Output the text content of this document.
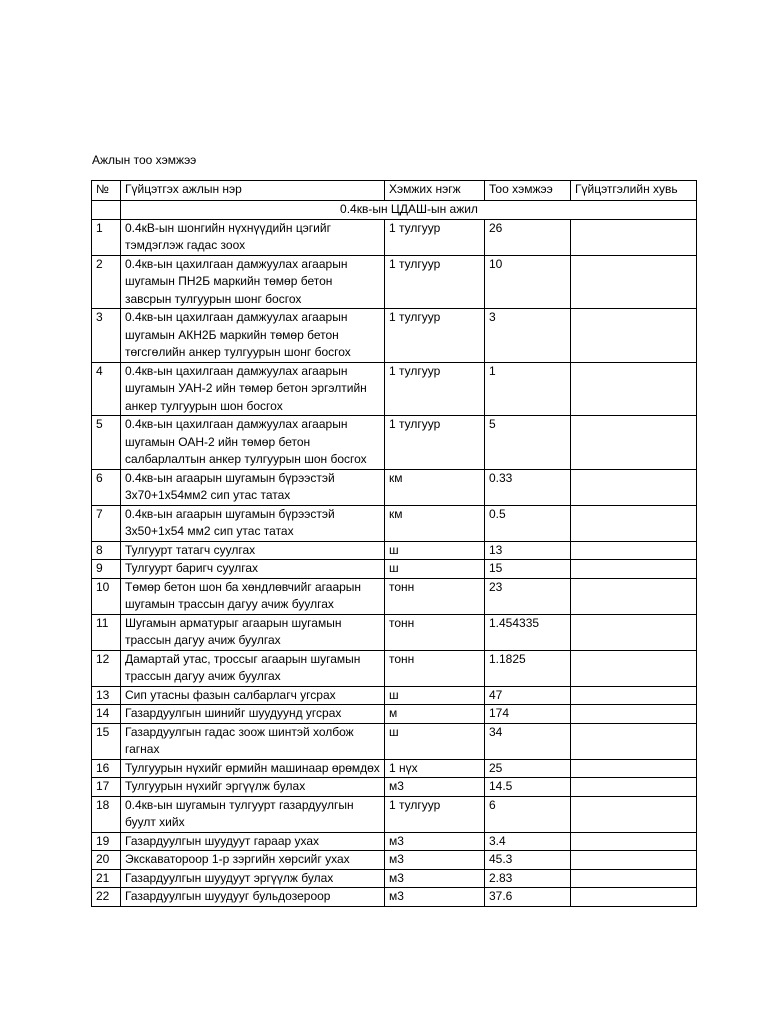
Ажлын тоо хэмжээ
№	Гүйцэтгэх ажлын нэр	Хэмжих нэгж	Тоо хэмжээ	Гүйцэтгэлийн хувь
	0.4кв-ын ЦДАШ-ын ажил			
1	0.4кВ-ын шонгийн нүхнүүдийн цэгийг тэмдэглэж гадас зоох	1 тулгуур	26	
2	0.4кв-ын цахилгаан дамжуулах агаарын шугамын ПН2Б маркийн төмөр бетон завсрын тулгуурын шонг босгох	1 тулгуур	10	
3	0.4кв-ын цахилгаан дамжуулах агаарын шугамын АКН2Б маркийн төмөр бетон төгсгөлийн анкер тулгуурын шонг босгох	1 тулгуур	3	
4	0.4кв-ын цахилгаан дамжуулах агаарын шугамын УАН-2 ийн төмөр бетон эргэлтийн анкер тулгуурын шон босгох	1 тулгуур	1	
5	0.4кв-ын цахилгаан дамжуулах агаарын шугамын ОАН-2 ийн төмөр бетон салбарлалтын анкер тулгуурын шон босгох	1 тулгуур	5	
6	0.4кв-ын агаарын шугамын бүрээстэй 3х70+1х54мм2 сип утас татах	км	0.33	
7	0.4кв-ын агаарын шугамын бүрээстэй 3х50+1х54 мм2 сип утас татах	км	0.5	
8	Тулгуурт татагч суулгах	ш	13	
9	Тулгуурт баригч суулгах	ш	15	
10	Төмөр бетон шон ба хөндлөвчийг агаарын шугамын трассын дагуу ачиж буулгах	тонн	23	
11	Шугамын арматурыг агаарын шугамын трассын дагуу ачиж буулгах	тонн	1.454335	
12	Дамартай утас, троссыг агаарын шугамын трассын дагуу ачиж буулгах	тонн	1.1825	
13	Сип утасны фазын салбарлагч угсрах	ш	47	
14	Газардуулгын шинийг шуудуунд угсрах	м	174	
15	Газардуулгын гадас зоож шинтэй холбож гагнах	ш	34	
16	Тулгуурын нүхийг өрмийн машинаар өрөмдөх	1 нүх	25	
17	Тулгуурын нүхийг эргүүлж булах	м3	14.5	
18	0.4кв-ын шугамын тулгуурт газардуулгын буулт хийх	1 тулгуур	6	
19	Газардуулгын шуудуут гараар ухах	м3	3.4	
20	Экскаватороор 1-р зэргийн хөрсийг ухах	м3	45.3	
21	Газардуулгын шуудуут эргүүлж булах	м3	2.83	
22	Газардуулгын шуудууг бульдозероор	м3	37.6	
